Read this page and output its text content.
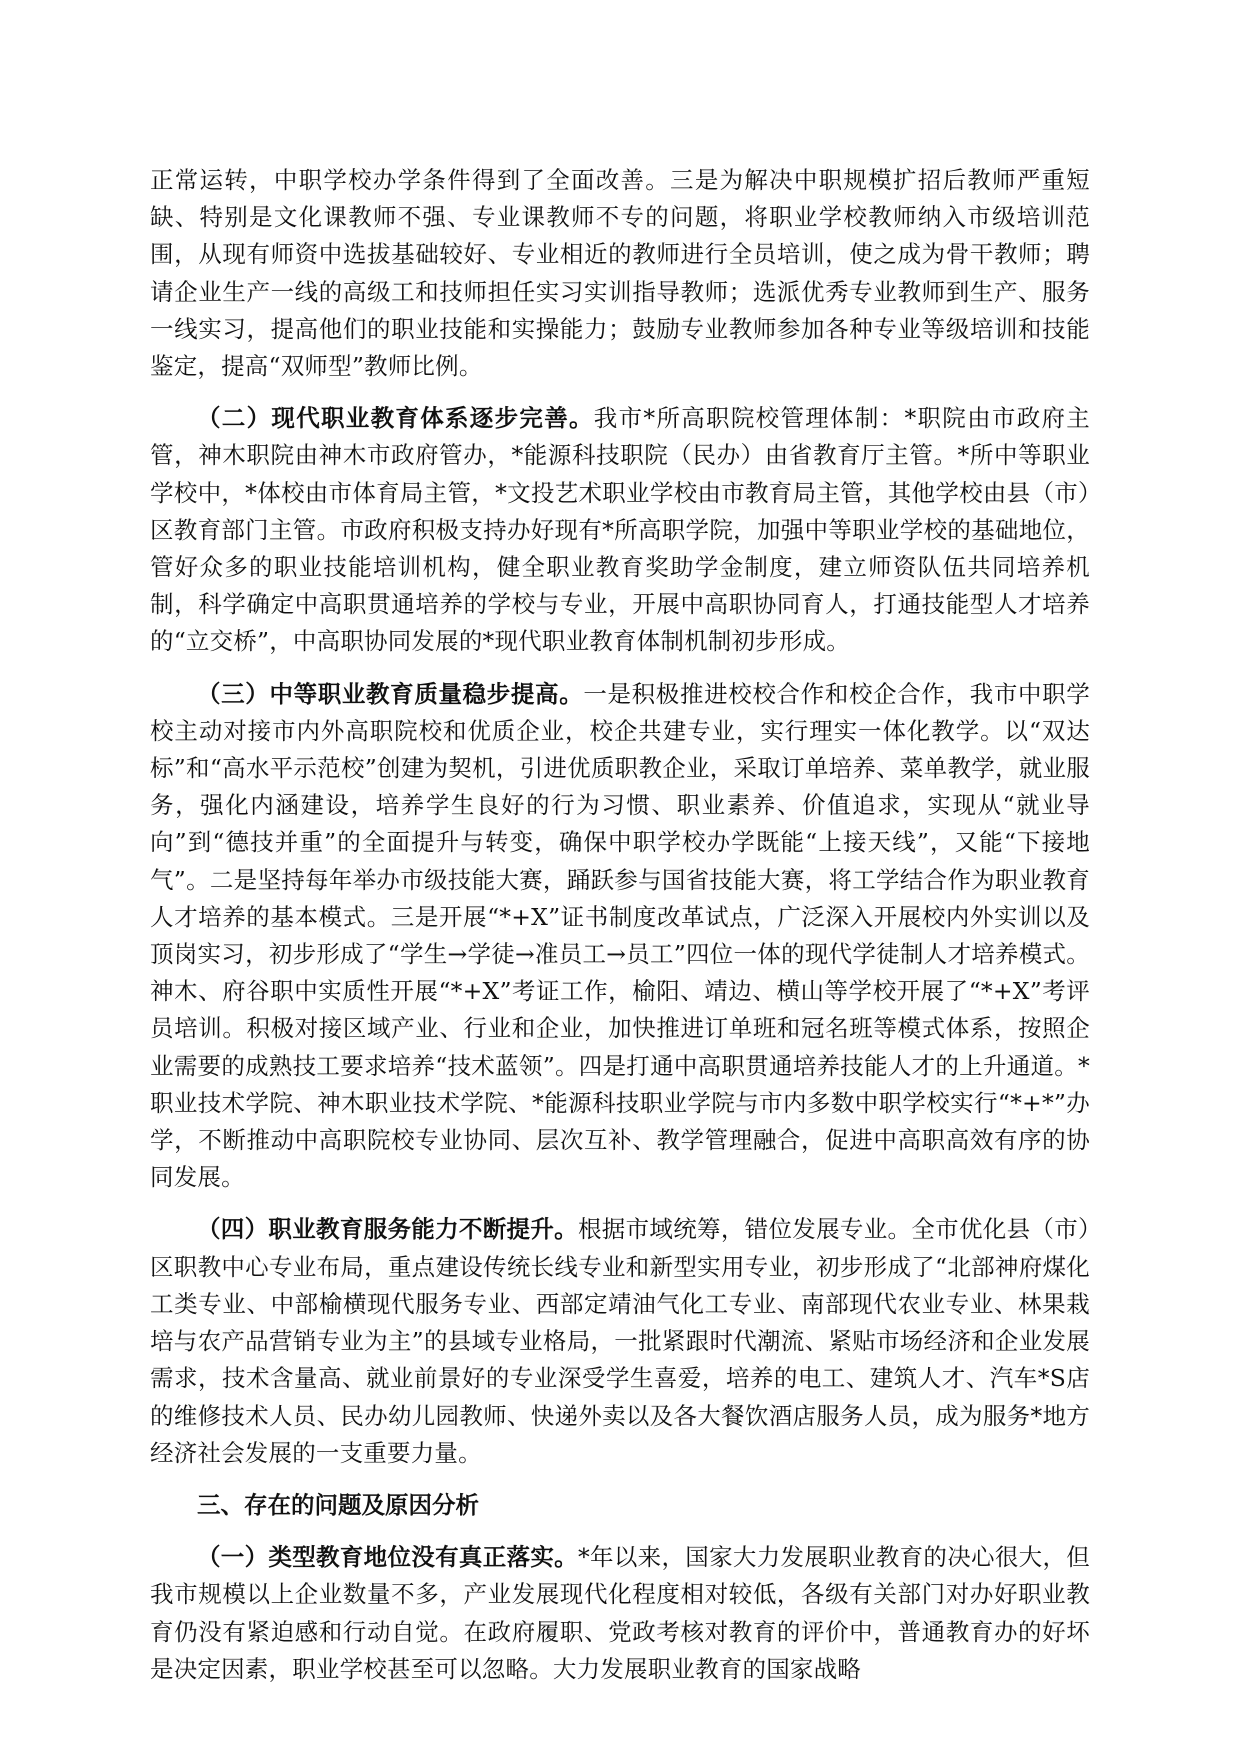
正常运转，中职学校办学条件得到了全面改善。三是为解决中职规模扩招后教师严重短缺、特别是文化课教师不强、专业课教师不专的问题，将职业学校教师纳入市级培训范围，从现有师资中选拔基础较好、专业相近的教师进行全员培训，使之成为骨干教师；聘请企业生产一线的高级工和技师担任实习实训指导教师；选派优秀专业教师到生产、服务一线实习，提高他们的职业技能和实操能力；鼓励专业教师参加各种专业等级培训和技能鉴定，提高“双师型”教师比例。

（二）现代职业教育体系逐步完善。我市*所高职院校管理体制：*职院由市政府主管，神木职院由神木市政府管办，*能源科技职院（民办）由省教育厅主管。*所中等职业学校中，*体校由市体育局主管，*文投艺术职业学校由市教育局主管，其他学校由县（市）区教育部门主管。市政府积极支持办好现有*所高职学院，加强中等职业学校的基础地位，管好众多的职业技能培训机构，健全职业教育奖助学金制度，建立师资队伍共同培养机制，科学确定中高职贯通培养的学校与专业，开展中高职协同育人，打通技能型人才培养的“立交桥”，中高职协同发展的*现代职业教育体制机制初步形成。

（三）中等职业教育质量稳步提高。一是积极推进校校合作和校企合作，我市中职学校主动对接市内外高职院校和优质企业，校企共建专业，实行理实一体化教学。以“双达标”和“高水平示范校”创建为契机，引进优质职教企业，采取订单培养、菜单教学，就业服务，强化内涵建设，培养学生良好的行为习惯、职业素养、价值追求，实现从“就业导向”到“德技并重”的全面提升与转变，确保中职学校办学既能“上接天线”，又能“下接地气”。二是坚持每年举办市级技能大赛，踊跃参与国省技能大赛，将工学结合作为职业教育人才培养的基本模式。三是开展“*+X”证书制度改革试点，广泛深入开展校内外实训以及顶岗实习，初步形成了“学生→学徒→准员工→员工”四位一体的现代学徒制人才培养模式。神木、府谷职中实质性开展“*+X”考证工作，榆阳、靖边、横山等学校开展了“*+X”考评员培训。积极对接区域产业、行业和企业，加快推进订单班和冠名班等模式体系，按照企业需要的成熟技工要求培养“技术蓝领”。四是打通中高职贯通培养技能人才的上升通道。*职业技术学院、神木职业技术学院、*能源科技职业学院与市内多数中职学校实行“*+*”办学，不断推动中高职院校专业协同、层次互补、教学管理融合，促进中高职高效有序的协同发展。

（四）职业教育服务能力不断提升。根据市域统筹，错位发展专业。全市优化县（市）区职教中心专业布局，重点建设传统长线专业和新型实用专业，初步形成了“北部神府煤化工类专业、中部榆横现代服务专业、西部定靖油气化工专业、南部现代农业专业、林果栽培与农产品营销专业为主”的县域专业格局，一批紧跟时代潮流、紧贴市场经济和企业发展需求，技术含量高、就业前景好的专业深受学生喜爱，培养的电工、建筑人才、汽车*S店的维修技术人员、民办幼儿园教师、快递外卖以及各大餐饮酒店服务人员，成为服务*地方经济社会发展的一支重要力量。

三、存在的问题及原因分析

（一）类型教育地位没有真正落实。*年以来，国家大力发展职业教育的决心很大，但我市规模以上企业数量不多，产业发展现代化程度相对较低，各级有关部门对办好职业教育仍没有紧迫感和行动自觉。在政府履职、党政考核对教育的评价中，普通教育办的好坏是决定因素，职业学校甚至可以忽略。大力发展职业教育的国家战略
